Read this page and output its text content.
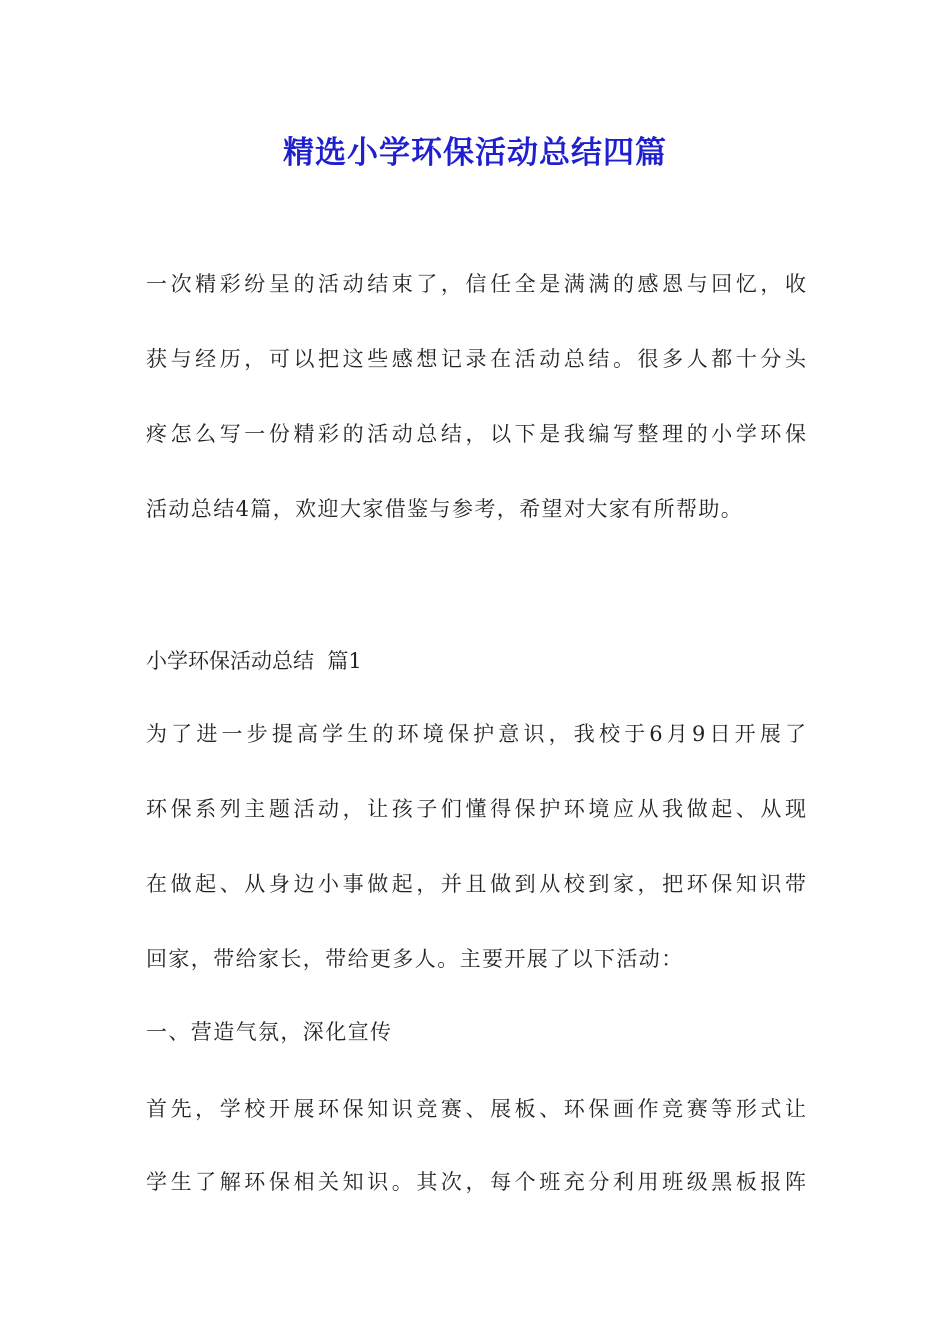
精选小学环保活动总结四篇
一次精彩纷呈的活动结束了，信任全是满满的感恩与回忆，收
获与经历，可以把这些感想记录在活动总结。很多人都十分头
疼怎么写一份精彩的活动总结，以下是我编写整理的小学环保
活动总结4篇，欢迎大家借鉴与参考，希望对大家有所帮助。
小学环保活动总结  篇1
为了进一步提高学生的环境保护意识，我校于6月9日开展了
环保系列主题活动，让孩子们懂得保护环境应从我做起、从现
在做起、从身边小事做起，并且做到从校到家，把环保知识带
回家，带给家长，带给更多人。主要开展了以下活动：
一、营造气氛，深化宣传
首先，学校开展环保知识竞赛、展板、环保画作竞赛等形式让
学生了解环保相关知识。其次，每个班充分利用班级黑板报阵
